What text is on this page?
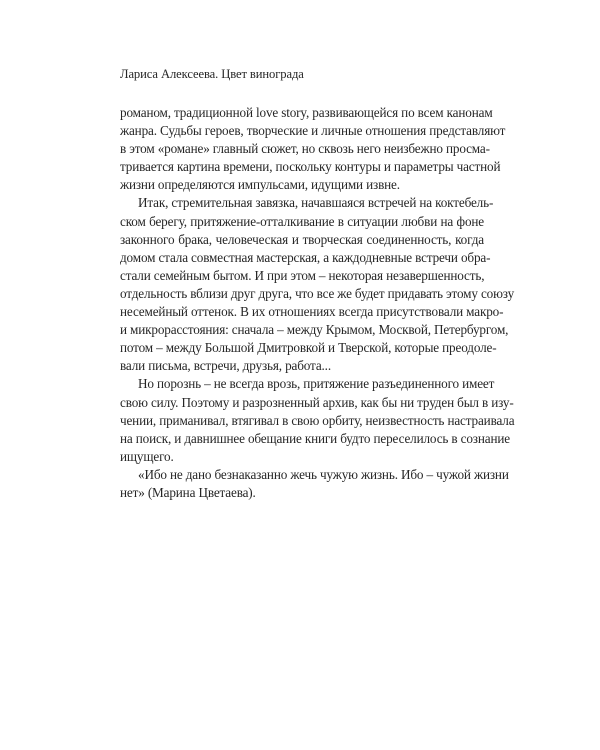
Лариса Алексеева. Цвет винограда
романом, традиционной love story, развивающейся по всем канонам
жанра. Судьбы героев, творческие и личные отношения представляют
в этом «романе» главный сюжет, но сквозь него неизбежно просма-
тривается картина времени, поскольку контуры и параметры частной
жизни определяются импульсами, идущими извне.
Итак, стремительная завязка, начавшаяся встречей на коктебель-
ском берегу, притяжение-отталкивание в ситуации любви на фоне
законного брака, человеческая и творческая соединенность, когда
домом стала совместная мастерская, а каждодневные встречи обра-
стали семейным бытом. И при этом – некоторая незавершенность,
отдельность вблизи друг друга, что все же будет придавать этому союзу
несемейный оттенок. В их отношениях всегда присутствовали макро-
и микрорасстояния: сначала – между Крымом, Москвой, Петербургом,
потом – между Большой Дмитровкой и Тверской, которые преодоле-
вали письма, встречи, друзья, работа...
Но порознь – не всегда врозь, притяжение разъединенного имеет
свою силу. Поэтому и разрозненный архив, как бы ни труден был в изу-
чении, приманивал, втягивал в свою орбиту, неизвестность настраивала
на поиск, и давнишнее обещание книги будто переселилось в сознание
ищущего.
«Ибо не дано безнаказанно жечь чужую жизнь. Ибо – чужой жизни
нет» (Марина Цветаева).
